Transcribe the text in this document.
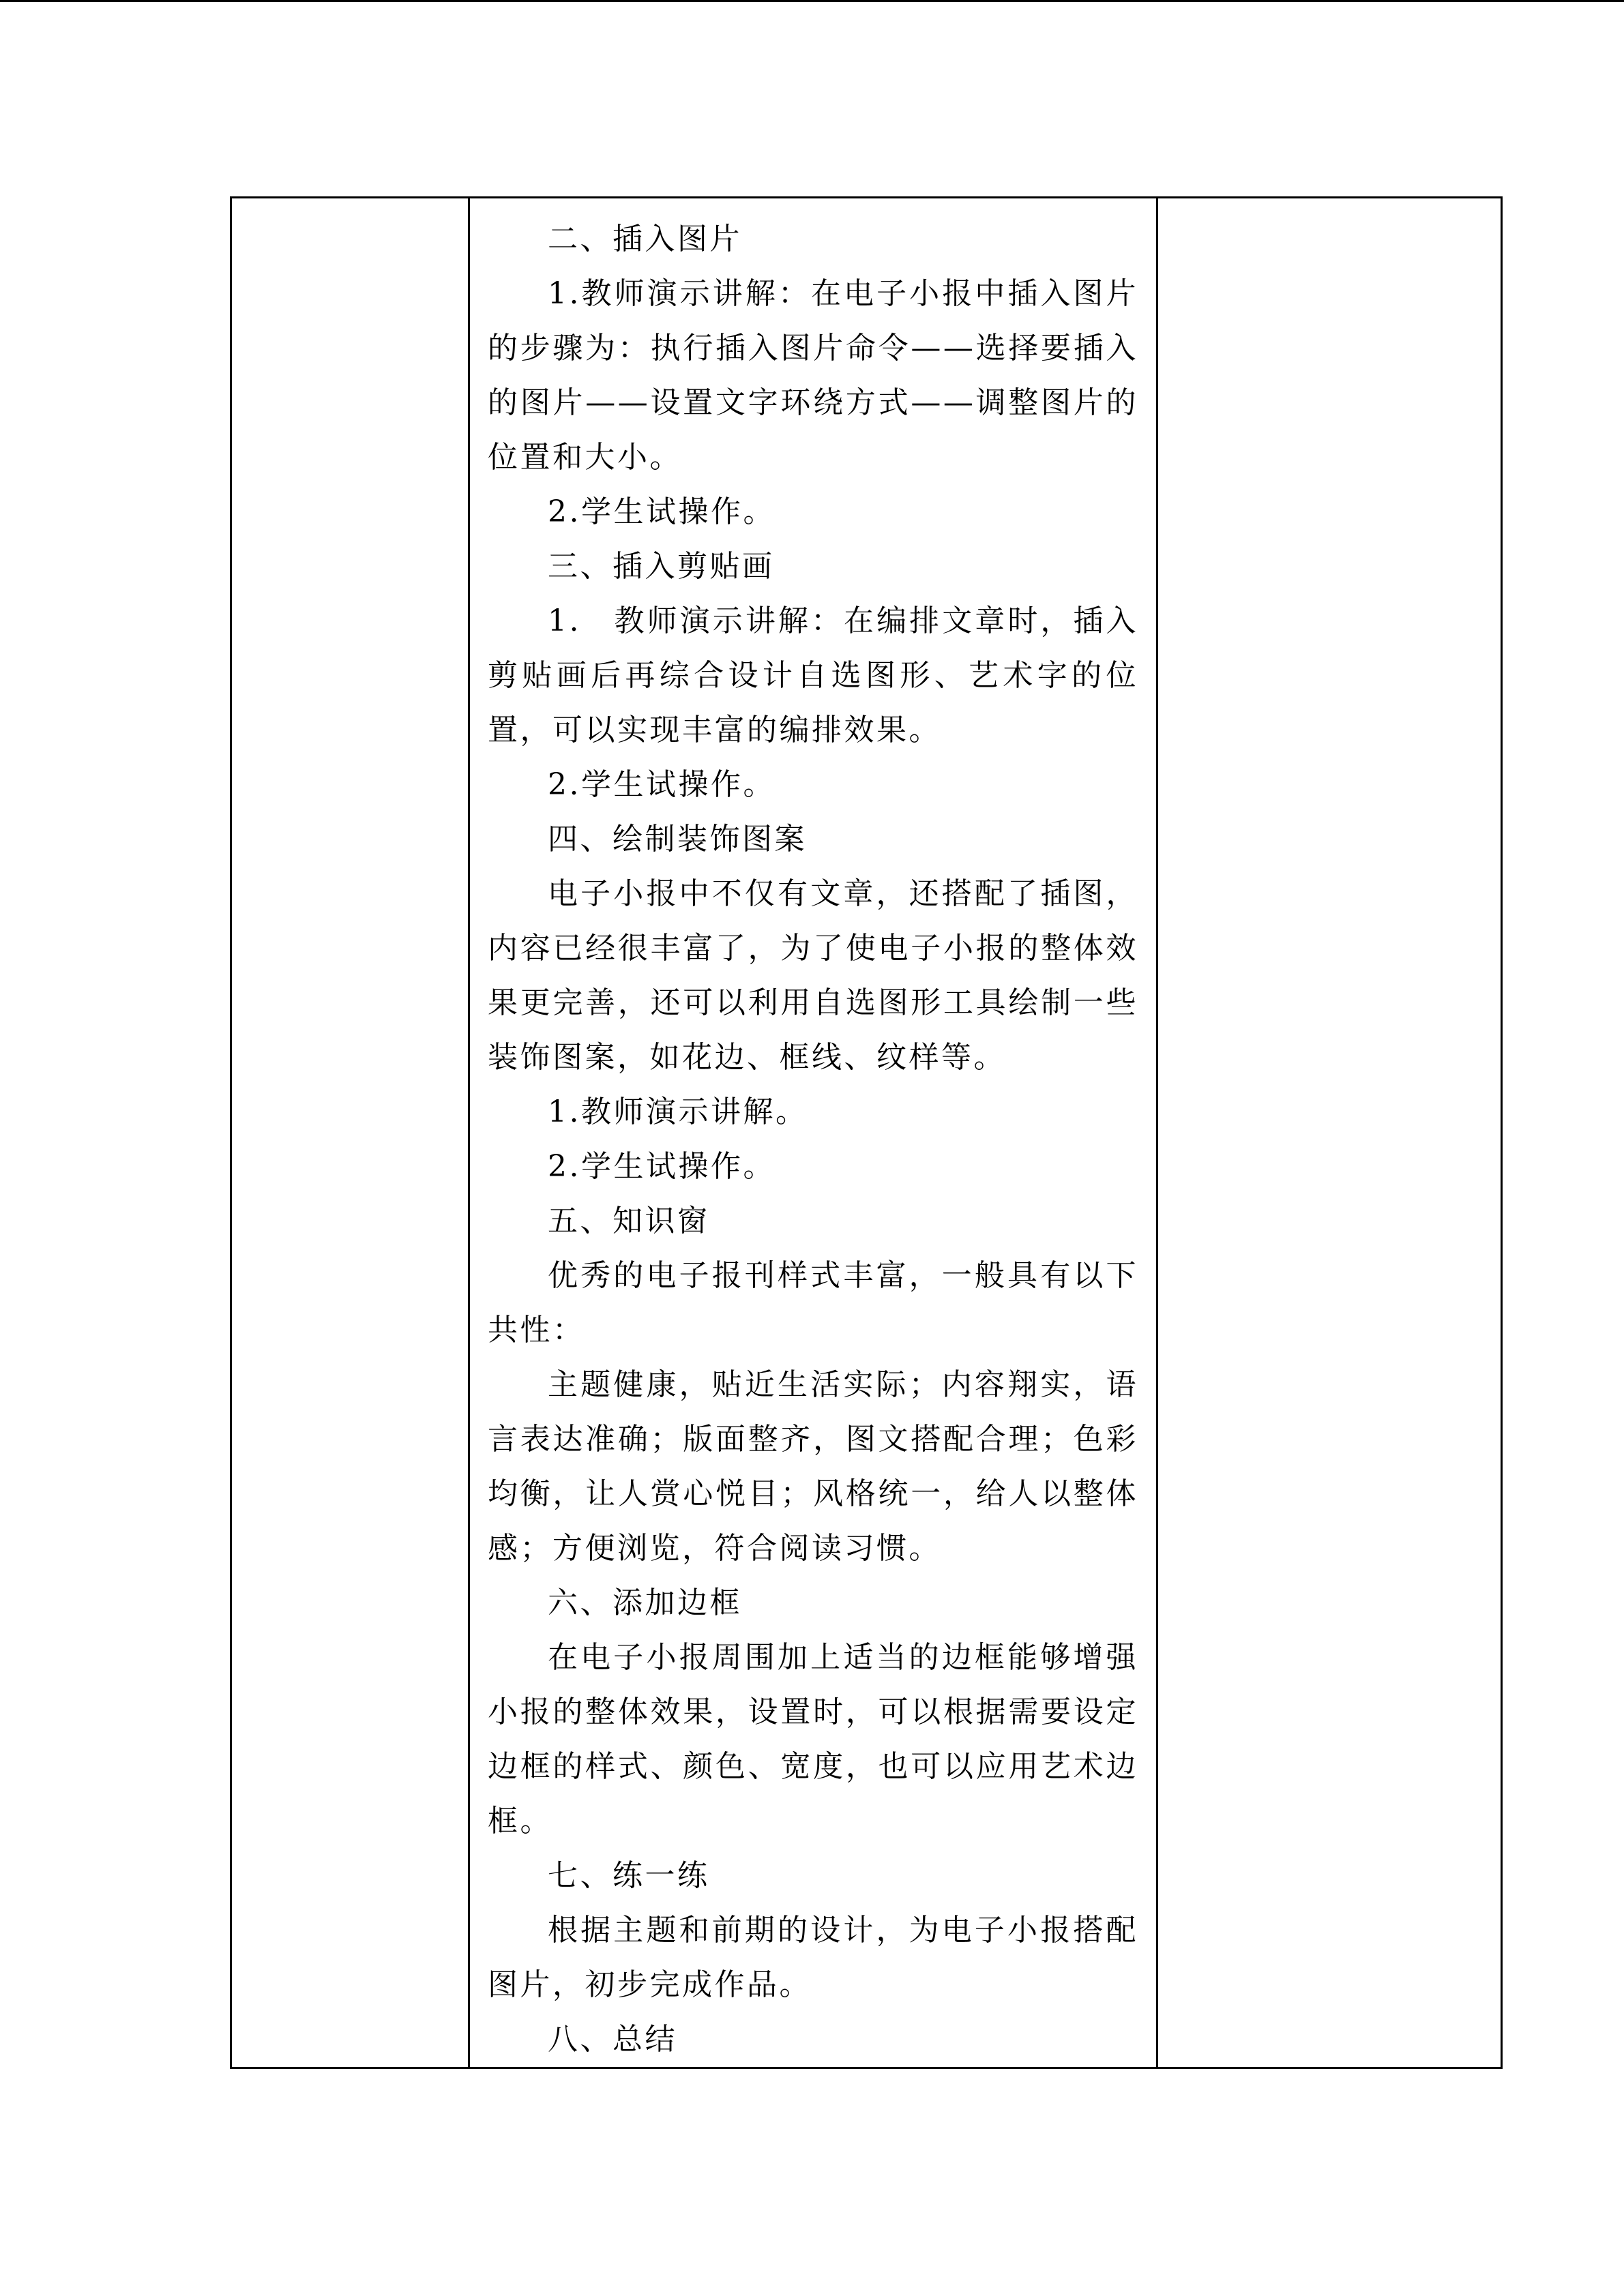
二、插入图片

1.教师演示讲解：在电子小报中插入图片的步骤为：执行插入图片命令——选择要插入的图片——设置文字环绕方式——调整图片的位置和大小。

2.学生试操作。

三、插入剪贴画

1.　教师演示讲解：在编排文章时，插入剪贴画后再综合设计自选图形、艺术字的位置，可以实现丰富的编排效果。

2.学生试操作。

四、绘制装饰图案

电子小报中不仅有文章，还搭配了插图，内容已经很丰富了，为了使电子小报的整体效果更完善，还可以利用自选图形工具绘制一些装饰图案，如花边、框线、纹样等。

1.教师演示讲解。

2.学生试操作。

五、知识窗

优秀的电子报刊样式丰富，一般具有以下共性：

主题健康，贴近生活实际；内容翔实，语言表达准确；版面整齐，图文搭配合理；色彩均衡，让人赏心悦目；风格统一，给人以整体感；方便浏览，符合阅读习惯。

六、添加边框

在电子小报周围加上适当的边框能够增强小报的整体效果，设置时，可以根据需要设定边框的样式、颜色、宽度，也可以应用艺术边框。

七、练一练

根据主题和前期的设计，为电子小报搭配图片，初步完成作品。

八、总结
